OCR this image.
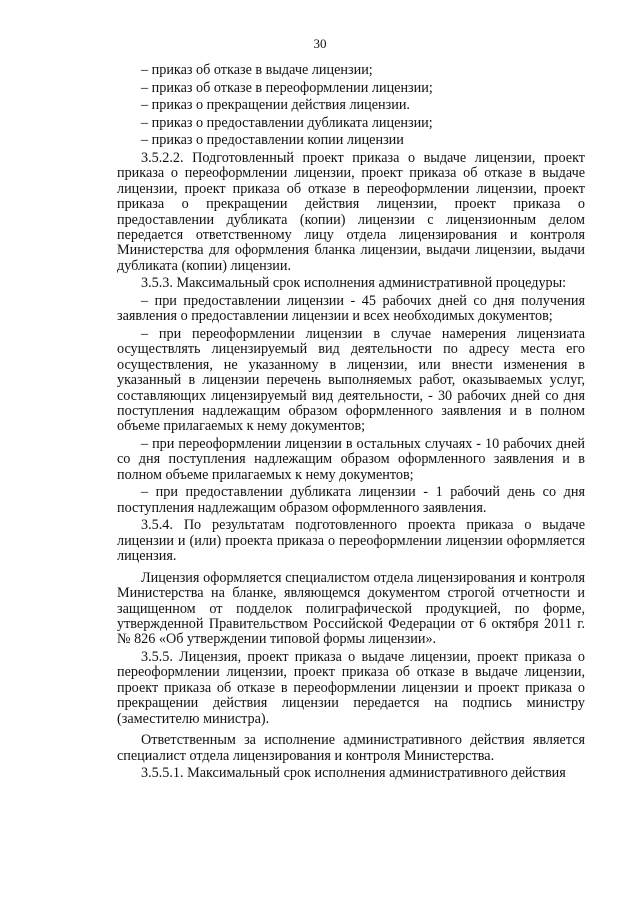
30
– приказ об отказе в выдаче лицензии;
– приказ об отказе в переоформлении лицензии;
– приказ о прекращении действия лицензии.
– приказ о предоставлении дубликата лицензии;
– приказ о предоставлении копии лицензии

3.5.2.2. Подготовленный проект приказа о выдаче лицензии, проект приказа о переоформлении лицензии, проект приказа об отказе в выдаче лицензии, проект приказа об отказе в переоформлении лицензии, проект приказа о прекращении действия лицензии, проект приказа о предоставлении дубликата (копии) лицензии с лицензионным делом передается ответственному лицу отдела лицензирования и контроля Министерства для оформления бланка лицензии, выдачи лицензии, выдачи дубликата (копии) лицензии.

3.5.3. Максимальный срок исполнения административной процедуры:

– при предоставлении лицензии - 45 рабочих дней со дня получения заявления о предоставлении лицензии и всех необходимых документов;

– при переоформлении лицензии в случае намерения лицензиата осуществлять лицензируемый вид деятельности по адресу места его осуществления, не указанному в лицензии, или внести изменения в указанный в лицензии перечень выполняемых работ, оказываемых услуг, составляющих лицензируемый вид деятельности, - 30 рабочих дней со дня поступления надлежащим образом оформленного заявления и в полном объеме прилагаемых к нему документов;

– при переоформлении лицензии в остальных случаях - 10 рабочих дней со дня поступления надлежащим образом оформленного заявления и в полном объеме прилагаемых к нему документов;

– при предоставлении дубликата лицензии - 1 рабочий день со дня поступления надлежащим образом оформленного заявления.

3.5.4. По результатам подготовленного проекта приказа о выдаче лицензии и (или) проекта приказа о переоформлении лицензии оформляется лицензия.

Лицензия оформляется специалистом отдела лицензирования и контроля Министерства на бланке, являющемся документом строгой отчетности и защищенном от подделок полиграфической продукцией, по форме, утвержденной Правительством Российской Федерации от 6 октября 2011 г. № 826 «Об утверждении типовой формы лицензии».

3.5.5. Лицензия, проект приказа о выдаче лицензии, проект приказа о переоформлении лицензии, проект приказа об отказе в выдаче лицензии, проект приказа об отказе в переоформлении лицензии и проект приказа о прекращении действия лицензии передается на подпись министру (заместителю министра).

Ответственным за исполнение административного действия является специалист отдела лицензирования и контроля Министерства.

3.5.5.1. Максимальный срок исполнения административного действия
